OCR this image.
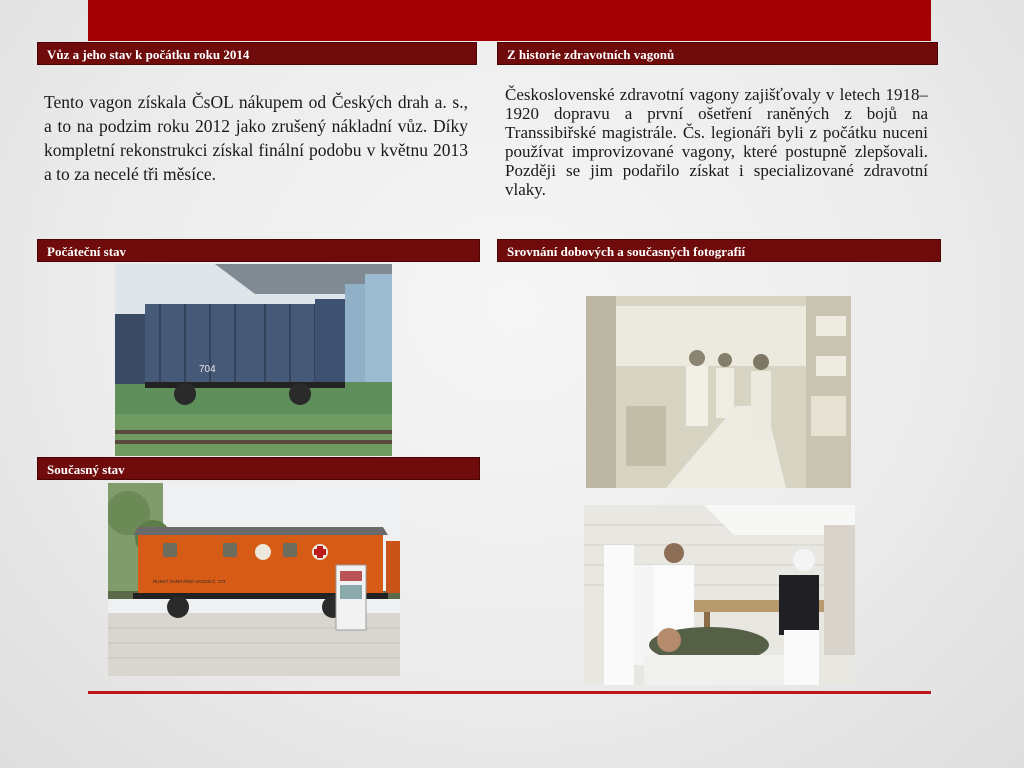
Vůz a jeho stav k počátku roku 2014
Tento vagon získala ČsOL nákupem od Českých drah a. s., a to na podzim roku 2012 jako zrušený nákladní vůz. Díky kompletní rekonstrukci získal finální podobu v květnu 2013 a to za necelé tři měsíce.
Z historie zdravotních vagonů
Československé zdravotní vagony zajišťovaly v letech 1918–1920 dopravu a první ošetření raněných z bojů na Transsibiřské magistrále. Čs. legionáři byli z počátku nuceni používat improvizované vagony, které postupně zlepšovali. Později se jim podařilo získat i specializované zdravotní vlaky.
Počáteční stav
704
Současný stav
RUSKÝ SANITÁRNÍ VAGON Č. 173
Srovnání dobových a současných fotografií
